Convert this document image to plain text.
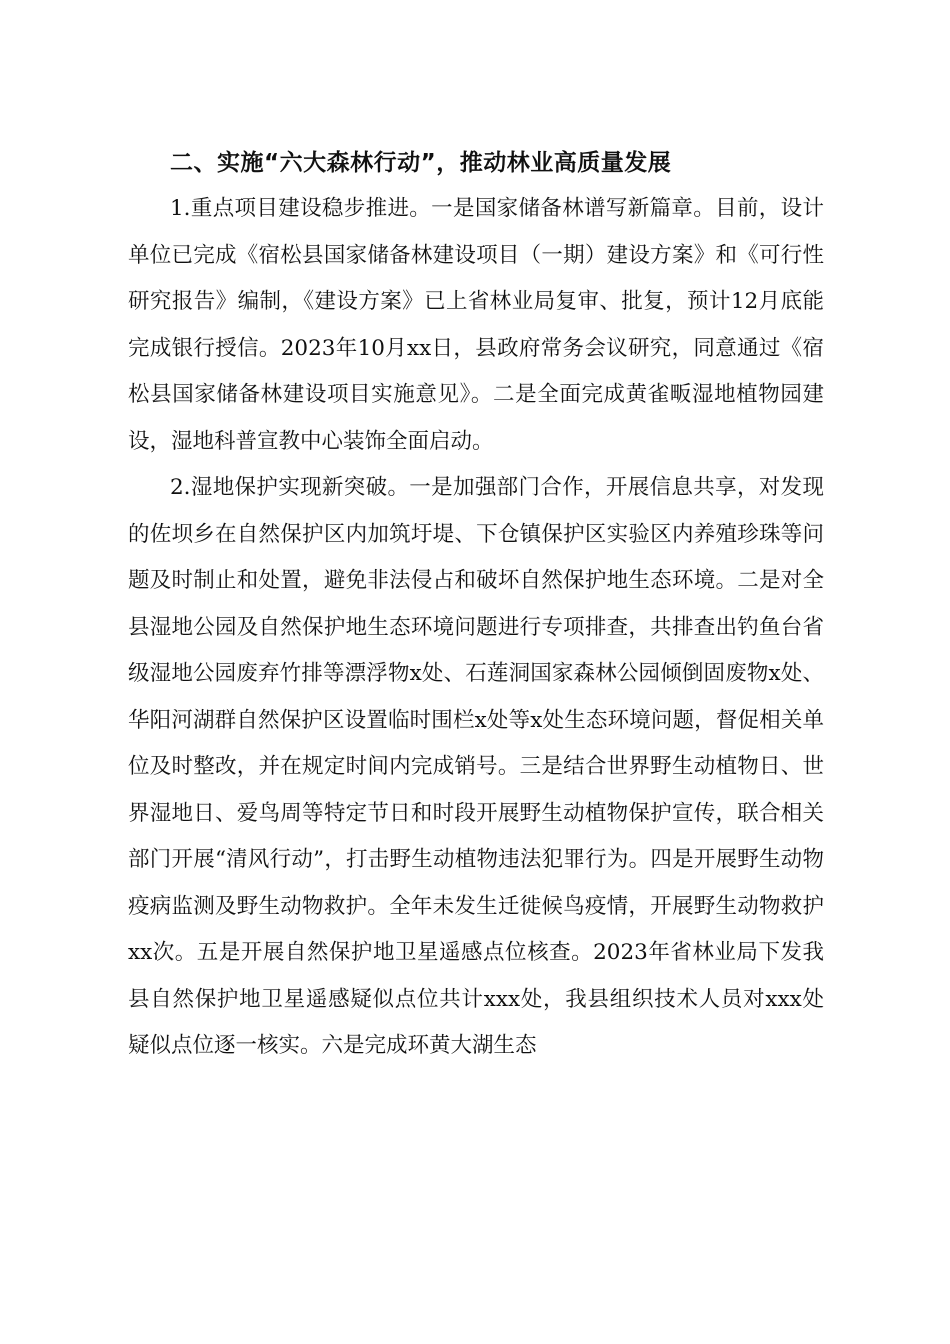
二、实施“六大森林行动”，推动林业高质量发展

1.重点项目建设稳步推进。一是国家储备林谱写新篇章。目前，设计单位已完成《宿松县国家储备林建设项目（一期）建设方案》和《可行性研究报告》编制，《建设方案》已上省林业局复审、批复，预计12月底能完成银行授信。2023年10月xx日，县政府常务会议研究，同意通过《宿松县国家储备林建设项目实施意见》。二是全面完成黄雀畈湿地植物园建设，湿地科普宣教中心装饰全面启动。

2.湿地保护实现新突破。一是加强部门合作，开展信息共享，对发现的佐坝乡在自然保护区内加筑圩堤、下仓镇保护区实验区内养殖珍珠等问题及时制止和处置，避免非法侵占和破坏自然保护地生态环境。二是对全县湿地公园及自然保护地生态环境问题进行专项排查，共排查出钓鱼台省级湿地公园废弃竹排等漂浮物x处、石莲洞国家森林公园倾倒固废物x处、华阳河湖群自然保护区设置临时围栏x处等x处生态环境问题，督促相关单位及时整改，并在规定时间内完成销号。三是结合世界野生动植物日、世界湿地日、爱鸟周等特定节日和时段开展野生动植物保护宣传，联合相关部门开展“清风行动”，打击野生动植物违法犯罪行为。四是开展野生动物疫病监测及野生动物救护。全年未发生迁徙候鸟疫情，开展野生动物救护xx次。五是开展自然保护地卫星遥感点位核查。2023年省林业局下发我县自然保护地卫星遥感疑似点位共计xxx处，我县组织技术人员对xxx处疑似点位逐一核实。六是完成环黄大湖生态
